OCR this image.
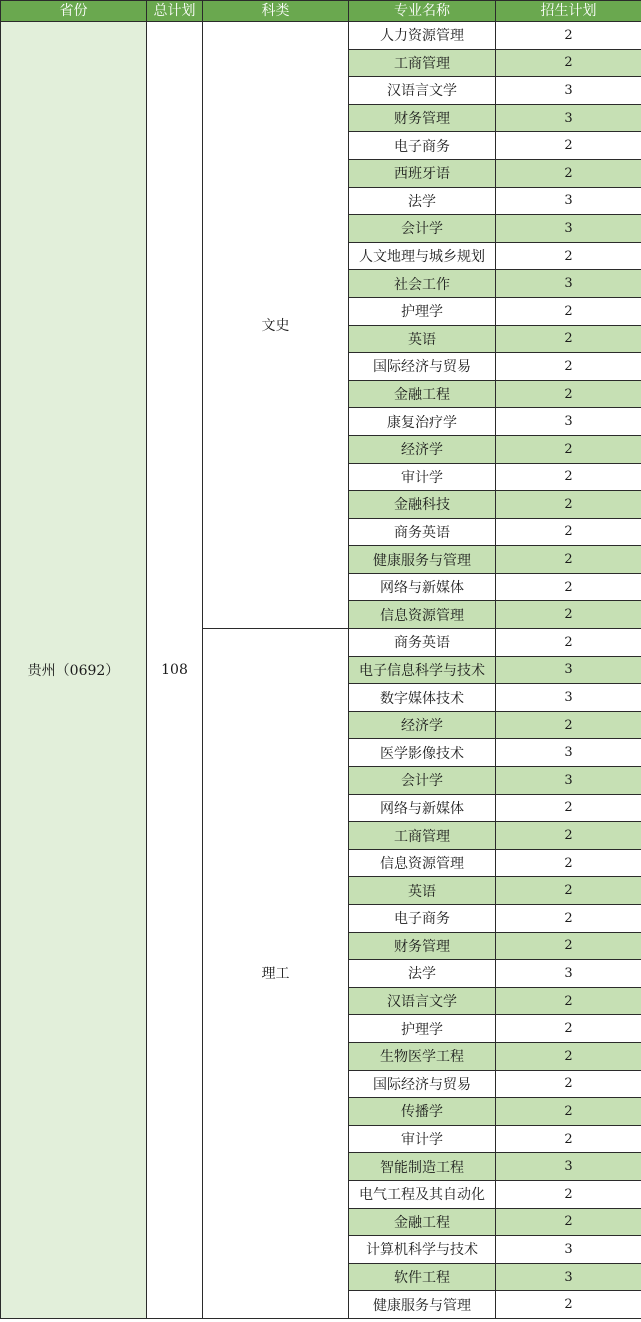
省份	总计划	科类	专业名称	招生计划
贵州（0692）	108	文史	人力资源管理	2
			工商管理	2
			汉语言文学	3
			财务管理	3
			电子商务	2
			西班牙语	2
			法学	3
			会计学	3
			人文地理与城乡规划	2
			社会工作	3
			护理学	2
			英语	2
			国际经济与贸易	2
			金融工程	2
			康复治疗学	3
			经济学	2
			审计学	2
			金融科技	2
			商务英语	2
			健康服务与管理	2
			网络与新媒体	2
			信息资源管理	2
		理工	商务英语	2
			电子信息科学与技术	3
			数字媒体技术	3
			经济学	2
			医学影像技术	3
			会计学	3
			网络与新媒体	2
			工商管理	2
			信息资源管理	2
			英语	2
			电子商务	2
			财务管理	2
			法学	3
			汉语言文学	2
			护理学	2
			生物医学工程	2
			国际经济与贸易	2
			传播学	2
			审计学	2
			智能制造工程	3
			电气工程及其自动化	2
			金融工程	2
			计算机科学与技术	3
			软件工程	3
			健康服务与管理	2
